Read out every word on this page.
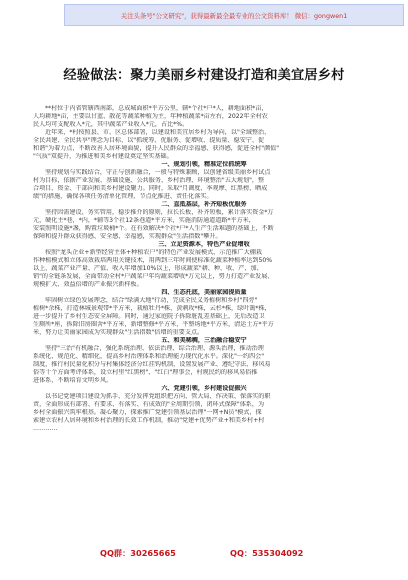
关注头条号"公文研究"，获得最新最全最专业的公文资料库！ 微信：gongwen1
经验做法：聚力美丽乡村建设打造和美宜居乡村
**村位于内省管辖西南部，总成城面积*平方公里，辖*个社*户*人，耕地面积*亩，
人均耕地*亩，主要以甘蓝、散花等蔬菜种植为主，年种植蔬菜*亩左右，2022年全村农
民人均可支配收入*元，其中蔬菜产业收入*元，占比*%。
近年来，*村按照县、市、区总体部署，以建设和美宜居乡村为导向，以"全域整治、
全民共建、全民共享"理念为目标，以"抓统筹、优服务、促增收、提质量、稳安宁、促
和谐"为着力点，不断改善人居环境面貌，提升人民群众的幸福感、获得感，促进全村"颜值"
"气质"双提升，为推进和美乡村建设奠定坚实基础。
一、规划引领，精准定位抓统筹
坚持规划与实践结合，守正与创新融合，一般与特殊兼顾，以创建省级美丽乡村试点
村为目标，依据产业发展、基础设施、公共服务、乡村治理、环境整治"五大规划"，整
合项目、资金、干部向和美乡村建设聚力。同时，采取"月调度、季观摩、红黑榜、晒成
绩"的措施，确保各项任务清单化管理、节点化推进、责任化落实。
二、直抵基层，补齐短板优服务
坚持因需建设、务实管用，稳步推介的原则，拉长长板，补齐短板，累计落实资金*万
元，硬化主*巷，*内，*辅等3个社12条巷道*平方米，实施消防通道道路*平方米，
安装照明设施*盏，购置垃圾桶*个。在有效解决*个社*户*人生产生活难题的基础上，不断
保障和提升群众获得感、安全感、幸福感，实现群众"生活指数"攀升。
三、立足资源本，特色产业促增收
按照"龙头企业+新型经营主体+种植农户"的特色产业发展模式，示范推广大棚栽
作种植模式和立体高效栽培两用关键技术，用两到三年时间使标准化蔬菜种植率达到50%
以上，蔬菜产业产量、产值、收入年增加10%以上，形成蔬菜"耕、种、收、产、加、
销"的全链条发展，全面带动全村*户蔬菜户年均蔬菜增收*万元以上，努力打造产业发展、
规模扩大、效益倍增的产业振兴新样板。
四、生态托底，美丽家园提质量
牢固树立绿色发展理念，结合"绿满大地"行动，完成全民义务植树和乡村"四旁"
植树*余株，打造林城景观带*平方米，栽植牡丹*株，黄刺玫*株，云杉*株，绿叶篱*株，
进一步提升了乡村生态安全屏障。同时，通过家庭院子拆除脏乱差基础上，先后改造卫
生厕所*座，拆除旧房圈舍*平方米，新增整修*平方米，平整场地*平方米，清运土方*平方
米，努力让美丽家园成为实现群众"生活指数"倍增的重要支点。
五、和美稀稠，三治融合稳安宁
坚持"三治"有机融合，强化系统治理、依法治理、综合治理、源头治理，推动治理
系统化、规范化、精细化，提高乡村治理体系和治理能力现代化水平。深化"一约四会"
制度，推行村民量化积分与村集体经济分红挂钩机制，设置发展产业、遵纪守法、移风易
俗等十个方面考评体系，设立村里"红黑榜"、"红白"理事会，村规民约的移风易俗推
进体系，不断培育文明乡风。
六、党建引领，乡村建设促振兴
以书记党建项目建设为抓手，充分发挥党组织把方向、管大局、作决策、保落实的职
责，全面形成有部署、有要求、有落实、有成效的"全周期引领，闭环式保障"体系，为
乡村全面振兴筑牢根基。凝心聚力，探索推广党建引领基层治理"一网+N员"模式，探
索建立农村人居环境和乡村治理的长效工作机制，推动"党建+优势产业+和美乡村+村
…………
QQ群：30265665	QQ：535304092
